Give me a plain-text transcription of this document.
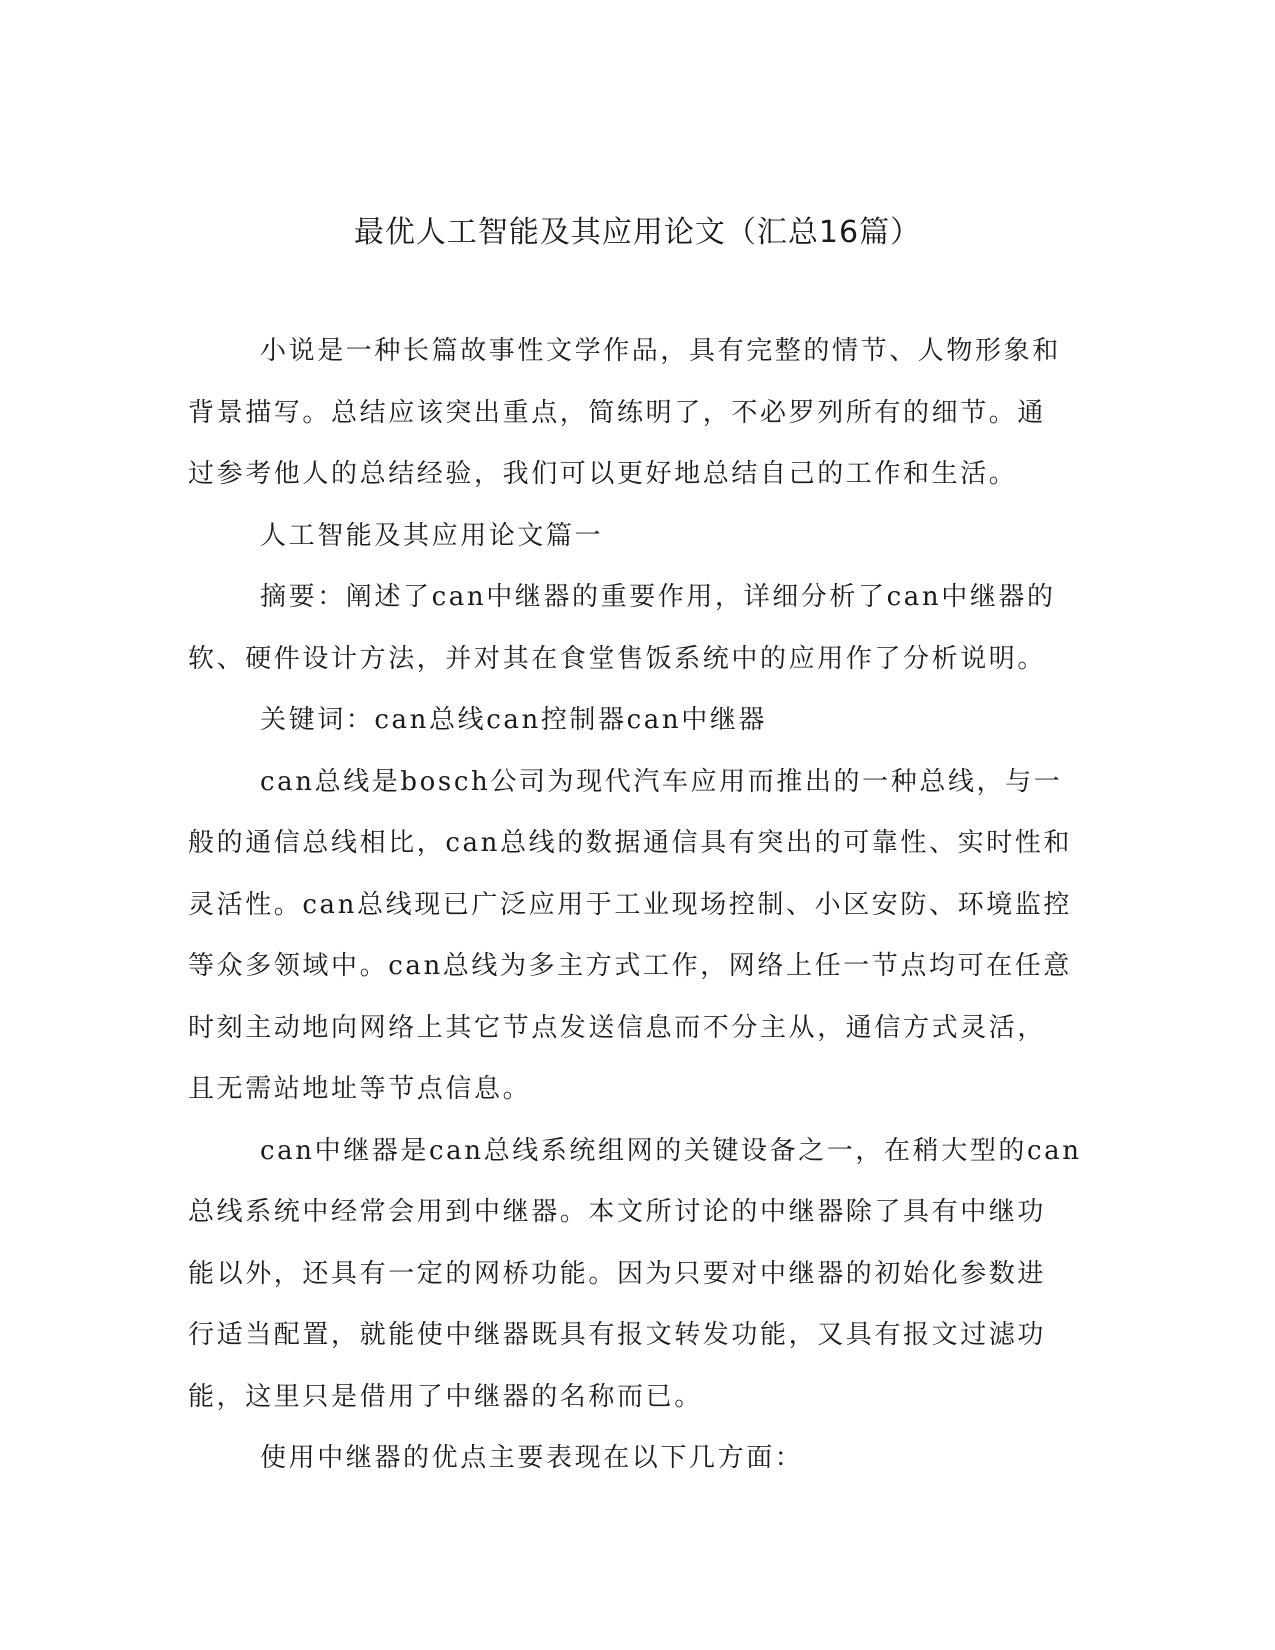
最优人工智能及其应用论文（汇总16篇）
小说是一种长篇故事性文学作品，具有完整的情节、人物形象和
背景描写。总结应该突出重点，简练明了，不必罗列所有的细节。通
过参考他人的总结经验，我们可以更好地总结自己的工作和生活。
人工智能及其应用论文篇一
摘要：阐述了can中继器的重要作用，详细分析了can中继器的
软、硬件设计方法，并对其在食堂售饭系统中的应用作了分析说明。
关键词：can总线can控制器can中继器
can总线是bosch公司为现代汽车应用而推出的一种总线，与一
般的通信总线相比，can总线的数据通信具有突出的可靠性、实时性和
灵活性。can总线现已广泛应用于工业现场控制、小区安防、环境监控
等众多领域中。can总线为多主方式工作，网络上任一节点均可在任意
时刻主动地向网络上其它节点发送信息而不分主从，通信方式灵活，
且无需站地址等节点信息。
can中继器是can总线系统组网的关键设备之一，在稍大型的can
总线系统中经常会用到中继器。本文所讨论的中继器除了具有中继功
能以外，还具有一定的网桥功能。因为只要对中继器的初始化参数进
行适当配置，就能使中继器既具有报文转发功能，又具有报文过滤功
能，这里只是借用了中继器的名称而已。
使用中继器的优点主要表现在以下几方面：
